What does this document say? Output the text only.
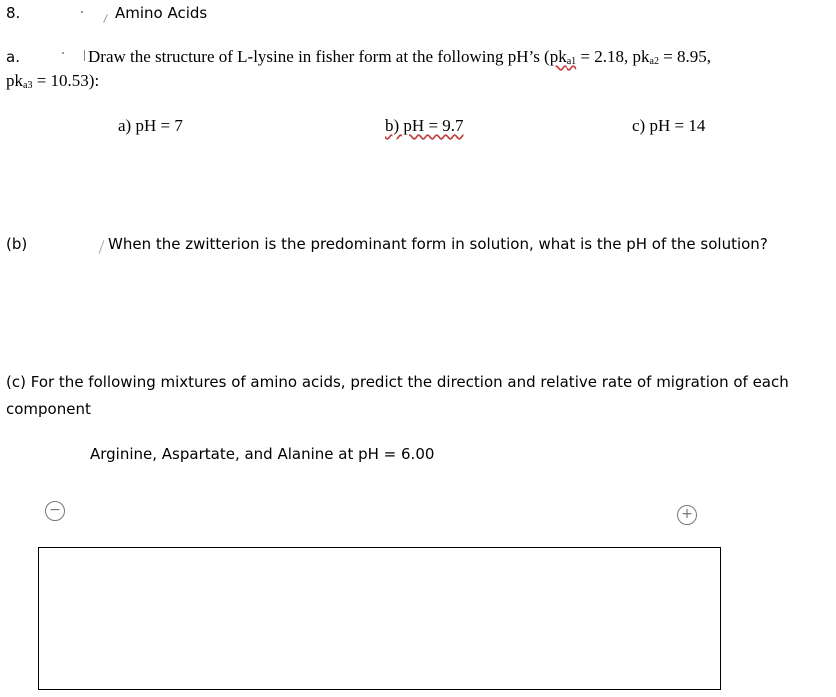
8.	Amino Acids
a.	Draw the structure of L-lysine in fisher form at the following pH’s ($pk_{a1} = 2.18$, $pk_{a2} = 8.95$,
$pk_{a3} = 10.53$):
a) pH = 7	b) pH = 9.7	c) pH = 14
(b)	When the zwitterion is the predominant form in solution, what is the pH of the solution?
(c) For the following mixtures of amino acids, predict the direction and relative rate of migration of each
component
Arginine, Aspartate, and Alanine at pH = 6.00
−	+
